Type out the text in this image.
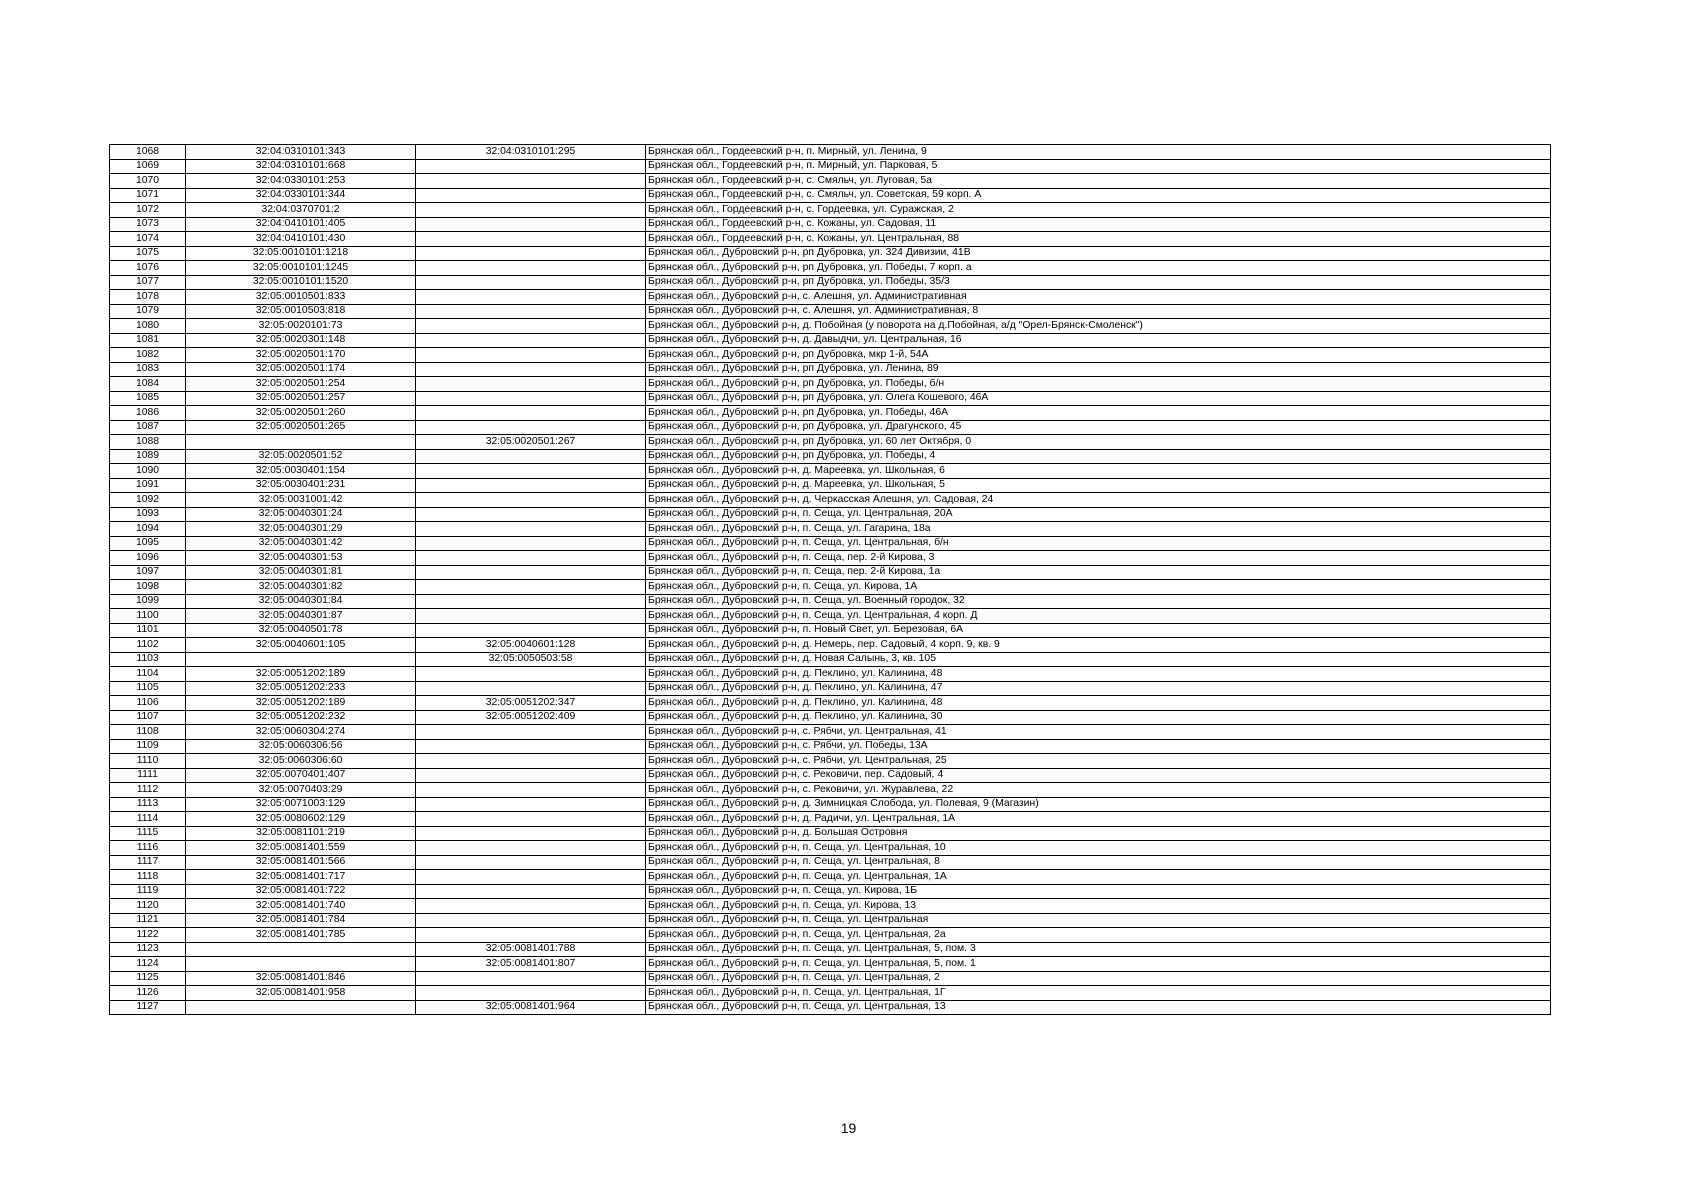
1068	32:04:0310101:343	32:04:0310101:295	Брянская обл., Гордеевский р-н, п. Мирный, ул. Ленина, 9
1069	32:04:0310101:668		Брянская обл., Гордеевский р-н, п. Мирный, ул. Парковая, 5
1070	32:04:0330101:253		Брянская обл., Гордеевский р-н, с. Смяльч, ул. Луговая, 5а
1071	32:04:0330101:344		Брянская обл., Гордеевский р-н, с. Смяльч, ул. Советская, 59 корп. А
1072	32:04:0370701:2		Брянская обл., Гордеевский р-н, с. Гордеевка, ул. Суражская, 2
1073	32:04:0410101:405		Брянская обл., Гордеевский р-н, с. Кожаны, ул. Садовая, 11
1074	32:04:0410101:430		Брянская обл., Гордеевский р-н, с. Кожаны, ул. Центральная, 88
1075	32:05:0010101:1218		Брянская обл., Дубровский р-н, рп Дубровка, ул. 324 Дивизии, 41В
1076	32:05:0010101:1245		Брянская обл., Дубровский р-н, рп Дубровка, ул. Победы, 7 корп. а
1077	32:05:0010101:1520		Брянская обл., Дубровский р-н, рп Дубровка, ул. Победы, 35/3
1078	32:05:0010501:833		Брянская обл., Дубровский р-н, с. Алешня, ул. Административная
1079	32:05:0010503:818		Брянская обл., Дубровский р-н, с. Алешня, ул. Административная, 8
1080	32:05:0020101:73		Брянская обл., Дубровский р-н, д. Побойная (у поворота на д.Побойная, а/д "Орел-Брянск-Смоленск")
1081	32:05:0020301:148		Брянская обл., Дубровский р-н, д. Давыдчи, ул. Центральная, 16
1082	32:05:0020501:170		Брянская обл., Дубровский р-н, рп Дубровка, мкр 1-й, 54А
1083	32:05:0020501:174		Брянская обл., Дубровский р-н, рп Дубровка, ул. Ленина, 89
1084	32:05:0020501:254		Брянская обл., Дубровский р-н, рп Дубровка, ул. Победы, б/н
1085	32:05:0020501:257		Брянская обл., Дубровский р-н, рп Дубровка, ул. Олега Кошевого, 46А
1086	32:05:0020501:260		Брянская обл., Дубровский р-н, рп Дубровка, ул. Победы, 46А
1087	32:05:0020501:265		Брянская обл., Дубровский р-н, рп Дубровка, ул. Драгунского, 45
1088		32:05:0020501:267	Брянская обл., Дубровский р-н, рп Дубровка, ул. 60 лет Октября, 0
1089	32:05:0020501:52		Брянская обл., Дубровский р-н, рп Дубровка, ул. Победы, 4
1090	32:05:0030401:154		Брянская обл., Дубровский р-н, д. Мареевка, ул. Школьная, 6
1091	32:05:0030401:231		Брянская обл., Дубровский р-н, д. Мареевка, ул. Школьная, 5
1092	32:05:0031001:42		Брянская обл., Дубровский р-н, д. Черкасская Алешня, ул. Садовая, 24
1093	32:05:0040301:24		Брянская обл., Дубровский р-н, п. Сеща, ул. Центральная, 20А
1094	32:05:0040301:29		Брянская обл., Дубровский р-н, п. Сеща, ул. Гагарина, 18а
1095	32:05:0040301:42		Брянская обл., Дубровский р-н, п. Сеща, ул. Центральная, б/н
1096	32:05:0040301:53		Брянская обл., Дубровский р-н, п. Сеща, пер. 2-й Кирова, 3
1097	32:05:0040301:81		Брянская обл., Дубровский р-н, п. Сеща, пер. 2-й Кирова, 1а
1098	32:05:0040301:82		Брянская обл., Дубровский р-н, п. Сеща, ул. Кирова, 1А
1099	32:05:0040301:84		Брянская обл., Дубровский р-н, п. Сеща, ул. Военный городок, 32
1100	32:05:0040301:87		Брянская обл., Дубровский р-н, п. Сеща, ул. Центральная, 4 корп. Д
1101	32:05:0040501:78		Брянская обл., Дубровский р-н, п. Новый Свет, ул. Березовая, 6А
1102	32:05:0040601:105	32:05:0040601:128	Брянская обл., Дубровский р-н, д. Немерь, пер. Садовый, 4 корп. 9, кв. 9
1103		32:05:0050503:58	Брянская обл., Дубровский р-н, д. Новая Салынь, 3, кв. 105
1104	32:05:0051202:189		Брянская обл., Дубровский р-н, д. Пеклино, ул. Калинина, 48
1105	32:05:0051202:233		Брянская обл., Дубровский р-н, д. Пеклино, ул. Калинина, 47
1106	32:05:0051202:189	32:05:0051202:347	Брянская обл., Дубровский р-н, д. Пеклино, ул. Калинина, 48
1107	32:05:0051202:232	32:05:0051202:409	Брянская обл., Дубровский р-н, д. Пеклино, ул. Калинина, 30
1108	32:05:0060304:274		Брянская обл., Дубровский р-н, с. Рябчи, ул. Центральная, 41
1109	32:05:0060306:56		Брянская обл., Дубровский р-н, с. Рябчи, ул. Победы, 13А
1110	32:05:0060306:60		Брянская обл., Дубровский р-н, с. Рябчи, ул. Центральная, 25
1111	32:05:0070401:407		Брянская обл., Дубровский р-н, с. Рековичи, пер. Садовый, 4
1112	32:05:0070403:29		Брянская обл., Дубровский р-н, с. Рековичи, ул. Журавлева, 22
1113	32:05:0071003:129		Брянская обл., Дубровский р-н, д. Зимницкая Слобода, ул. Полевая, 9 (Магазин)
1114	32:05:0080602:129		Брянская обл., Дубровский р-н, д. Радичи, ул. Центральная, 1А
1115	32:05:0081101:219		Брянская обл., Дубровский р-н, д. Большая Островня
1116	32:05:0081401:559		Брянская обл., Дубровский р-н, п. Сеща, ул. Центральная, 10
1117	32:05:0081401:566		Брянская обл., Дубровский р-н, п. Сеща, ул. Центральная, 8
1118	32:05:0081401:717		Брянская обл., Дубровский р-н, п. Сеща, ул. Центральная, 1А
1119	32:05:0081401:722		Брянская обл., Дубровский р-н, п. Сеща, ул. Кирова, 1Б
1120	32:05:0081401:740		Брянская обл., Дубровский р-н, п. Сеща, ул. Кирова, 13
1121	32:05:0081401:784		Брянская обл., Дубровский р-н, п. Сеща, ул. Центральная
1122	32:05:0081401:785		Брянская обл., Дубровский р-н, п. Сеща, ул. Центральная, 2а
1123		32:05:0081401:788	Брянская обл., Дубровский р-н, п. Сеща, ул. Центральная, 5, пом. 3
1124		32:05:0081401:807	Брянская обл., Дубровский р-н, п. Сеща, ул. Центральная, 5, пом. 1
1125	32:05:0081401:846		Брянская обл., Дубровский р-н, п. Сеща, ул. Центральная, 2
1126	32:05:0081401:958		Брянская обл., Дубровский р-н, п. Сеща, ул. Центральная, 1Г
1127		32:05:0081401:964	Брянская обл., Дубровский р-н, п. Сеща, ул. Центральная, 13
19
